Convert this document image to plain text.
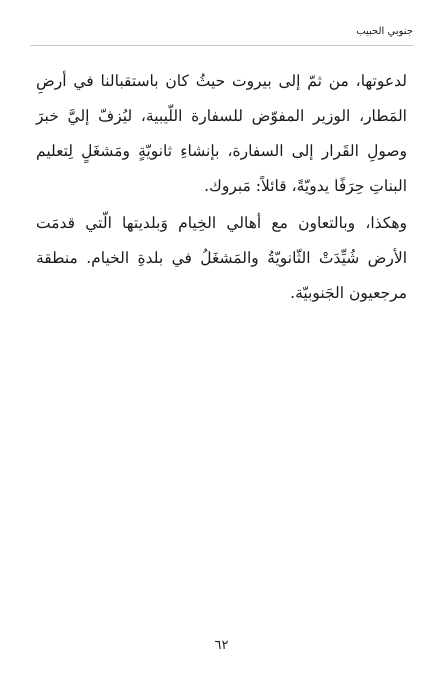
جنوبي الحبيب

لدعوتها، من ثمّ إلى بيروت حيثُ كان باستقبالنا في أرضِ المَطار، الوزير المفوّض للسفارة اللّيبية، ليُزفّ إليَّ خبرَ وصولِ القَرار إلى السفارة، بإنشاءِ ثانويّةٍ ومَشغَلٍ لِتعليم البناتِ حِرَفًا يدويّةً، قائلاً: مَبروك.

وهكذا، وبالتعاون مع أهالي الخِيام وَبلديتها الّتي قدمَت الأرض شُيِّدَتْ الثّانويّةُ والمَشغَلُ في بلدةِ الخيام. منطقة مرجعيون الجَنوبيّة.

٦٢
